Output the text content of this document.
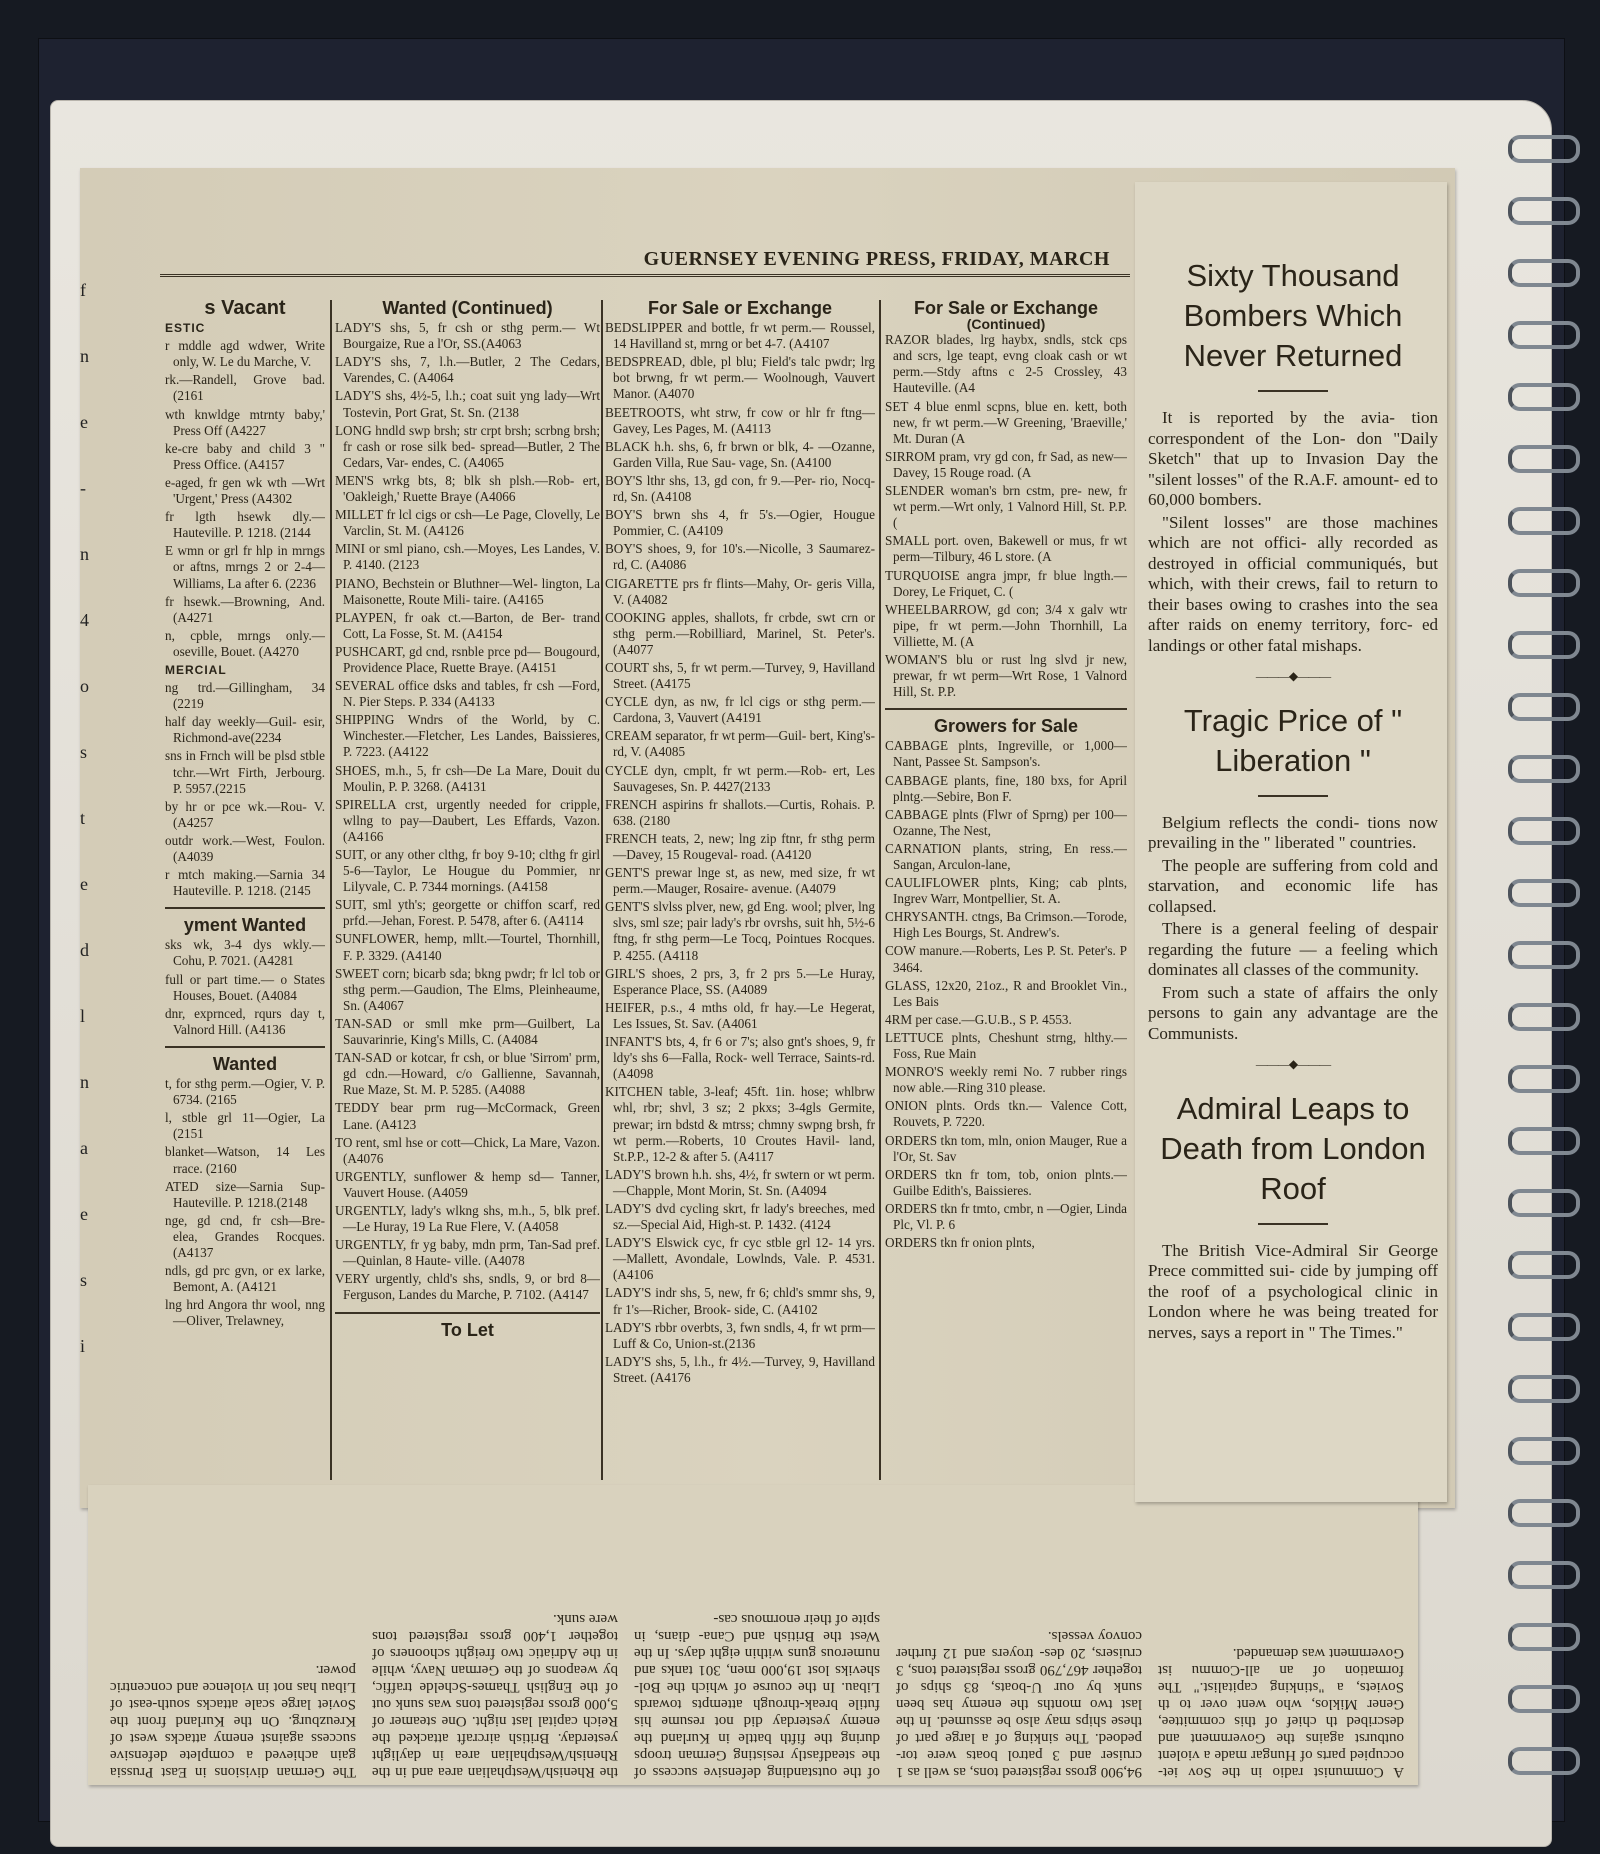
GUERNSEY EVENING PRESS, FRIDAY, MARCH
f
n
e
-
n
4
o
s
t
e
d
l
n
a
e
s
i
s Vacant
ESTIC

r mddle agd wdwer, Write only, W. Le du Marche, V.

rk.—Randell, Grove bad. (2161

wth knwldge mtrnty baby,' Press Off (A4227

ke-cre baby and child 3 " Press Office. (A4157

e-aged, fr gen wk wth —Wrt 'Urgent,' Press (A4302

fr lgth hsewk dly.— Hauteville. P. 1218. (2144

E wmn or grl fr hlp in mrngs or aftns, mrngs 2 or 2-4—Williams, La after 6. (2236

fr hsewk.—Browning, And. (A4271

n, cpble, mrngs only.— oseville, Bouet. (A4270

MERCIAL

ng trd.—Gillingham, 34 (2219

half day weekly—Guil- esir, Richmond-ave(2234

sns in Frnch will be plsd stble tchr.—Wrt Firth, Jerbourg. P. 5957.(2215

by hr or pce wk.—Rou- V. (A4257

outdr work.—West, Foulon. (A4039

r mtch making.—Sarnia 34 Hauteville. P. 1218. (2145

yment Wanted

sks wk, 3-4 dys wkly.— Cohu, P. 7021. (A4281

full or part time.— o States Houses, Bouet. (A4084

dnr, exprnced, rqurs day t, Valnord Hill. (A4136

Wanted

t, for sthg perm.—Ogier, V. P. 6734. (2165

l, stble grl 11—Ogier, La (2151

blanket—Watson, 14 Les rrace. (2160

ATED size—Sarnia Sup- Hauteville. P. 1218.(2148

nge, gd cnd, fr csh—Bre- elea, Grandes Rocques. (A4137

ndls, gd prc gvn, or ex larke, Bemont, A. (A4121

lng hrd Angora thr wool, nng—Oliver, Trelawney,

Wanted (Continued)

LADY'S shs, 5, fr csh or sthg perm.— Wt Bourgaize, Rue a l'Or, SS.(A4063

LADY'S shs, 7, l.h.—Butler, 2 The Cedars, Varendes, C. (A4064

LADY'S shs, 4½-5, l.h.; coat suit yng lady—Wrt Tostevin, Port Grat, St. Sn. (2138

LONG hndld swp brsh; str crpt brsh; scrbng brsh; fr cash or rose silk bed- spread—Butler, 2 The Cedars, Var- endes, C. (A4065

MEN'S wrkg bts, 8; blk sh plsh.—Rob- ert, 'Oakleigh,' Ruette Braye (A4066

MILLET fr lcl cigs or csh—Le Page, Clovelly, Le Varclin, St. M. (A4126

MINI or sml piano, csh.—Moyes, Les Landes, V. P. 4140. (2123

PIANO, Bechstein or Bluthner—Wel- lington, La Maisonette, Route Mili- taire. (A4165

PLAYPEN, fr oak ct.—Barton, de Ber- trand Cott, La Fosse, St. M. (A4154

PUSHCART, gd cnd, rsnble prce pd— Bougourd, Providence Place, Ruette Braye. (A4151

SEVERAL office dsks and tables, fr csh —Ford, N. Pier Steps. P. 334 (A4133

SHIPPING Wndrs of the World, by C. Winchester.—Fletcher, Les Landes, Baissieres, P. 7223. (A4122

SHOES, m.h., 5, fr csh—De La Mare, Douit du Moulin, P. P. 3268. (A4131

SPIRELLA crst, urgently needed for cripple, wllng to pay—Daubert, Les Effards, Vazon. (A4166

SUIT, or any other clthg, fr boy 9-10; clthg fr girl 5-6—Taylor, Le Hougue du Pommier, nr Lilyvale, C. P. 7344 mornings. (A4158

SUIT, sml yth's; georgette or chiffon scarf, red prfd.—Jehan, Forest. P. 5478, after 6. (A4114

SUNFLOWER, hemp, mllt.—Tourtel, Thornhill, F. P. 3329. (A4140

SWEET corn; bicarb sda; bkng pwdr; fr lcl tob or sthg perm.—Gaudion, The Elms, Pleinheaume, Sn. (A4067

TAN-SAD or smll mke prm—Guilbert, La Sauvarinrie, King's Mills, C. (A4084

TAN-SAD or kotcar, fr csh, or blue 'Sirrom' prm, gd cdn.—Howard, c/o Gallienne, Savannah, Rue Maze, St. M. P. 5285. (A4088

TEDDY bear prm rug—McCormack, Green Lane. (A4123

TO rent, sml hse or cott—Chick, La Mare, Vazon. (A4076

URGENTLY, sunflower & hemp sd— Tanner, Vauvert House. (A4059

URGENTLY, lady's wlkng shs, m.h., 5, blk pref.—Le Huray, 19 La Rue Flere, V. (A4058

URGENTLY, fr yg baby, mdn prm, Tan-Sad pref.—Quinlan, 8 Haute- ville. (A4078

VERY urgently, chld's shs, sndls, 9, or brd 8—Ferguson, Landes du Marche, P. 7102. (A4147

To Let
For Sale or Exchange

BEDSLIPPER and bottle, fr wt perm.— Roussel, 14 Havilland st, mrng or bet 4-7. (A4107

BEDSPREAD, dble, pl blu; Field's talc pwdr; lrg bot brwng, fr wt perm.— Woolnough, Vauvert Manor. (A4070

BEETROOTS, wht strw, fr cow or hlr fr ftng—Gavey, Les Pages, M. (A4113

BLACK h.h. shs, 6, fr brwn or blk, 4- —Ozanne, Garden Villa, Rue Sau- vage, Sn. (A4100

BOY'S lthr shs, 13, gd con, fr 9.—Per- rio, Nocq-rd, Sn. (A4108

BOY'S brwn shs 4, fr 5's.—Ogier, Hougue Pommier, C. (A4109

BOY'S shoes, 9, for 10's.—Nicolle, 3 Saumarez-rd, C. (A4086

CIGARETTE prs fr flints—Mahy, Or- geris Villa, V. (A4082

COOKING apples, shallots, fr crbde, swt crn or sthg perm.—Robilliard, Marinel, St. Peter's. (A4077

COURT shs, 5, fr wt perm.—Turvey, 9, Havilland Street. (A4175

CYCLE dyn, as nw, fr lcl cigs or sthg perm.—Cardona, 3, Vauvert (A4191

CREAM separator, fr wt perm—Guil- bert, King's-rd, V. (A4085

CYCLE dyn, cmplt, fr wt perm.—Rob- ert, Les Sauvageses, Sn. P. 4427(2133

FRENCH aspirins fr shallots.—Curtis, Rohais. P. 638. (2180

FRENCH teats, 2, new; lng zip ftnr, fr sthg perm—Davey, 15 Rougeval- road. (A4120

GENT'S prewar lnge st, as new, med size, fr wt perm.—Mauger, Rosaire- avenue. (A4079

GENT'S slvlss plver, new, gd Eng. wool; plver, lng slvs, sml sze; pair lady's rbr ovrshs, suit hh, 5½-6 ftng, fr sthg perm—Le Tocq, Pointues Rocques. P. 4255. (A4118

GIRL'S shoes, 2 prs, 3, fr 2 prs 5.—Le Huray, Esperance Place, SS. (A4089

HEIFER, p.s., 4 mths old, fr hay.—Le Hegerat, Les Issues, St. Sav. (A4061

INFANT'S bts, 4, fr 6 or 7's; also gnt's shoes, 9, fr ldy's shs 6—Falla, Rock- well Terrace, Saints-rd. (A4098

KITCHEN table, 3-leaf; 45ft. 1in. hose; whlbrw whl, rbr; shvl, 3 sz; 2 pkxs; 3-4gls Germite, prewar; irn bdstd & mtrss; chmny swpng brsh, fr wt perm.—Roberts, 10 Croutes Havil- land, St.P.P., 12-2 & after 5. (A4117

LADY'S brown h.h. shs, 4½, fr swtern or wt perm.—Chapple, Mont Morin, St. Sn. (A4094

LADY'S dvd cycling skrt, fr lady's breeches, med sz.—Special Aid, High-st. P. 1432. (4124

LADY'S Elswick cyc, fr cyc stble grl 12- 14 yrs.—Mallett, Avondale, Lowlnds, Vale. P. 4531. (A4106

LADY'S indr shs, 5, new, fr 6; chld's smmr shs, 9, fr 1's—Richer, Brook- side, C. (A4102

LADY'S rbbr overbts, 3, fwn sndls, 4, fr wt prm—Luff & Co, Union-st.(2136

LADY'S shs, 5, l.h., fr 4½.—Turvey, 9, Havilland Street. (A4176

For Sale or Exchange
(Continued)

RAZOR blades, lrg haybx, sndls, stck cps and scrs, lge teapt, evng cloak cash or wt perm.—Stdy aftns c 2-5 Crossley, 43 Hauteville. (A4

SET 4 blue enml scpns, blue en. kett, both new, fr wt perm.—W Greening, 'Braeville,' Mt. Duran (A

SIRROM pram, vry gd con, fr Sad, as new—Davey, 15 Rouge road. (A

SLENDER woman's brn cstm, pre- new, fr wt perm.—Wrt only, 1 Valnord Hill, St. P.P. (

SMALL port. oven, Bakewell or mus, fr wt perm—Tilbury, 46 L store. (A

TURQUOISE angra jmpr, fr blue lngth.—Dorey, Le Friquet, C. (

WHEELBARROW, gd con; 3/4 x galv wtr pipe, fr wt perm.—John Thornhill, La Villiette, M. (A

WOMAN'S blu or rust lng slvd jr new, prewar, fr wt perm—Wrt Rose, 1 Valnord Hill, St. P.P.

Growers for Sale

CABBAGE plnts, Ingreville, or 1,000—Nant, Passee St. Sampson's.

CABBAGE plants, fine, 180 bxs, for April plntg.—Sebire, Bon F.

CABBAGE plnts (Flwr of Sprng) per 100— Ozanne, The Nest,

CARNATION plants, string, En ress.—Sangan, Arculon-lane,

CAULIFLOWER plnts, King; cab plnts, Ingrev Warr, Montpellier, St. A.

CHRYSANTH. ctngs, Ba Crimson.—Torode, High Les Bourgs, St. Andrew's.

COW manure.—Roberts, Les P. St. Peter's. P 3464.

GLASS, 12x20, 21oz., R and Brooklet Vin., Les Bais

4RM per case.—G.U.B., S P. 4553.

LETTUCE plnts, Cheshunt strng, hlthy.—Foss, Rue Main

MONRO'S weekly remi No. 7 rubber rings now able.—Ring 310 please.

ONION plnts. Ords tkn.— Valence Cott, Rouvets, P. 7220.

ORDERS tkn tom, mln, onion Mauger, Rue a l'Or, St. Sav

ORDERS tkn fr tom, tob, onion plnts.—Guilbe Edith's, Baissieres.

ORDERS tkn fr tmto, cmbr, n —Ogier, Linda Plc, Vl. P. 6

ORDERS tkn fr onion plnts,

Sixty Thousand Bombers Which Never Returned

It is reported by the avia- tion correspondent of the Lon- don "Daily Sketch" that up to Invasion Day the "silent losses" of the R.A.F. amount- ed to 60,000 bombers.

"Silent losses" are those machines which are not offici- ally recorded as destroyed in official communiqués, but which, with their crews, fail to return to their bases owing to crashes into the sea after raids on enemy territory, forc- ed landings or other fatal mishaps.

———◆———
Tragic Price of " Liberation "

Belgium reflects the condi- tions now prevailing in the " liberated " countries.

The people are suffering from cold and starvation, and economic life has collapsed.

There is a general feeling of despair regarding the future — a feeling which dominates all classes of the community.

From such a state of affairs the only persons to gain any advantage are the Communists.

———◆———
Admiral Leaps to Death from London Roof

The British Vice-Admiral Sir George Prece committed sui- cide by jumping off the roof of a psychological clinic in London where he was being treated for nerves, says a report in " The Times."

A Communist radio in the Sov iet-occupied parts of Hungar made a violent outburst agains the Government and described th chief of this committee, Gener Miklos, who went over to th Soviets, a "stinking capitalist." The formation of an all-Commu ist Government was demanded.

94,900 gross registered tons, as well as 1 cruiser and 3 patrol boats were tor- pedoed. The sinking of a large part of these ships may also be assumed. In the last two months the enemy has been sunk by our U-boats, 83 ships of together 467,790 gross registered tons, 3 cruisers, 20 des- troyers and 12 further convoy vessels.

of the outstanding defensive success of the steadfastly resisting German troops during the fifth battle in Kurland the enemy yesterday did not resume his futile break-through attempts towards Libau. In the course of which the Bol- sheviks lost 19,000 men, 301 tanks and numerous guns within eight days. In the West the British and Cana- dians, in spite of their enormous cas-

the Rhenish/Westphalian area and in the Rhenish/Westphalian area in daylight yesterday. British aircraft attacked the Reich capital last night. One steamer of 5,000 gross registered tons was sunk out of the English Thames-Schelde traffic, by weapons of the German Navy, while in the Adriatic two freight schooners of together 1,400 gross registered tons were sunk.

The German divisions in East Prussia gain achieved a complete defensive success against enemy attacks west of Kreuzburg. On the Kurland front the Soviet large scale attacks south-east of Libau has not in violence and concentric power.
